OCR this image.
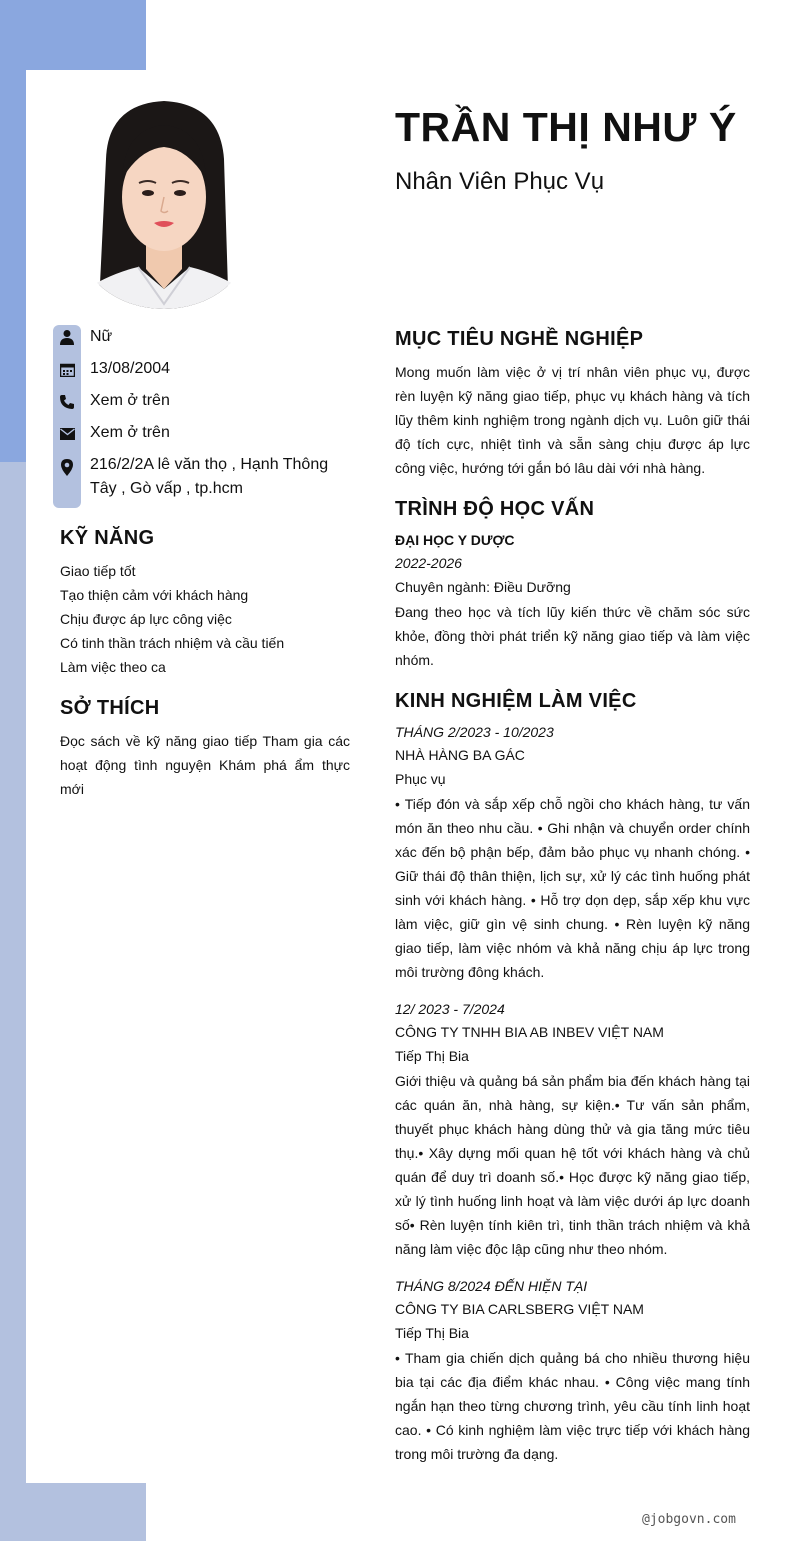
TRẦN THỊ NHƯ Ý
Nhân Viên Phục Vụ
Nữ
13/08/2004
Xem ở trên
Xem ở trên
216/2/2A lê văn thọ , Hạnh Thông Tây , Gò vấp , tp.hcm
KỸ NĂNG
Giao tiếp tốt
Tạo thiện cảm với khách hàng
Chịu được áp lực công việc
Có tinh thần trách nhiệm và cầu tiến
Làm việc theo ca
SỞ THÍCH
Đọc sách về kỹ năng giao tiếp Tham gia các hoạt động tình nguyện Khám phá ẩm thực mới
MỤC TIÊU NGHỀ NGHIỆP
Mong muốn làm việc ở vị trí nhân viên phục vụ, được rèn luyện kỹ năng giao tiếp, phục vụ khách hàng và tích lũy thêm kinh nghiệm trong ngành dịch vụ. Luôn giữ thái độ tích cực, nhiệt tình và sẵn sàng chịu được áp lực công việc, hướng tới gắn bó lâu dài với nhà hàng.
TRÌNH ĐỘ HỌC VẤN
ĐẠI HỌC Y DƯỢC
2022-2026
Chuyên ngành: Điều Dưỡng
Đang theo học và tích lũy kiến thức về chăm sóc sức khỏe, đồng thời phát triển kỹ năng giao tiếp và làm việc nhóm.
KINH NGHIỆM LÀM VIỆC
THÁNG 2/2023 - 10/2023
NHÀ HÀNG BA GÁC
Phục vụ
• Tiếp đón và sắp xếp chỗ ngồi cho khách hàng, tư vấn món ăn theo nhu cầu. • Ghi nhận và chuyển order chính xác đến bộ phận bếp, đảm bảo phục vụ nhanh chóng. • Giữ thái độ thân thiện, lịch sự, xử lý các tình huống phát sinh với khách hàng. • Hỗ trợ dọn dẹp, sắp xếp khu vực làm việc, giữ gìn vệ sinh chung. • Rèn luyện kỹ năng giao tiếp, làm việc nhóm và khả năng chịu áp lực trong môi trường đông khách.
12/ 2023 - 7/2024
CÔNG TY TNHH BIA AB INBEV VIỆT NAM
Tiếp Thị Bia
Giới thiệu và quảng bá sản phẩm bia đến khách hàng tại các quán ăn, nhà hàng, sự kiện.• Tư vấn sản phẩm, thuyết phục khách hàng dùng thử và gia tăng mức tiêu thụ.• Xây dựng mối quan hệ tốt với khách hàng và chủ quán để duy trì doanh số.• Học được kỹ năng giao tiếp, xử lý tình huống linh hoạt và làm việc dưới áp lực doanh số• Rèn luyện tính kiên trì, tinh thần trách nhiệm và khả năng làm việc độc lập cũng như theo nhóm.
THÁNG 8/2024 ĐẾN HIỆN TẠI
CÔNG TY BIA CARLSBERG VIỆT NAM
Tiếp Thị Bia
• Tham gia chiến dịch quảng bá cho nhiều thương hiệu bia tại các địa điểm khác nhau. • Công việc mang tính ngắn hạn theo từng chương trình, yêu cầu tính linh hoạt cao. • Có kinh nghiệm làm việc trực tiếp với khách hàng trong môi trường đa dạng.
@jobgovn.com
